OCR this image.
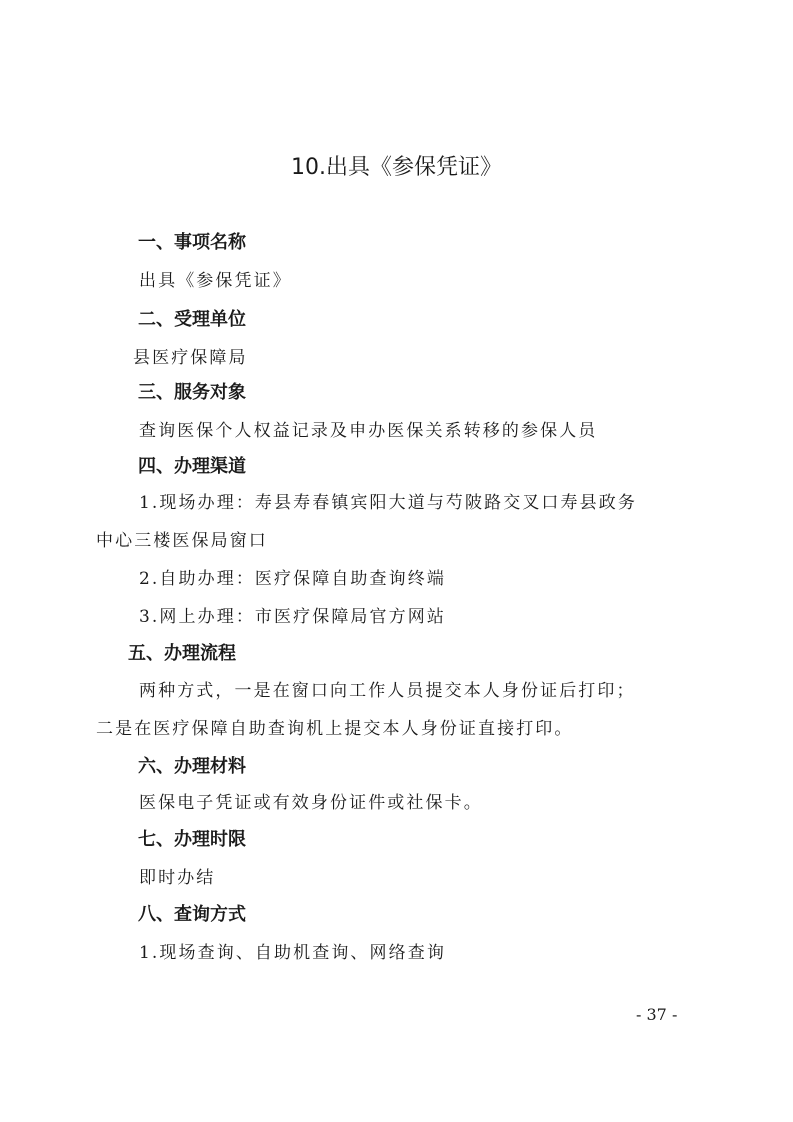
10.出具《参保凭证》
一、事项名称
出具《参保凭证》
二、受理单位
县医疗保障局
三、服务对象
查询医保个人权益记录及申办医保关系转移的参保人员
四、办理渠道
1.现场办理：寿县寿春镇宾阳大道与芍陂路交叉口寿县政务
中心三楼医保局窗口
2.自助办理：医疗保障自助查询终端
3.网上办理：市医疗保障局官方网站
五、办理流程
两种方式，一是在窗口向工作人员提交本人身份证后打印；
二是在医疗保障自助查询机上提交本人身份证直接打印。
六、办理材料
医保电子凭证或有效身份证件或社保卡。
七、办理时限
即时办结
八、查询方式
1.现场查询、自助机查询、网络查询
- 37 -
